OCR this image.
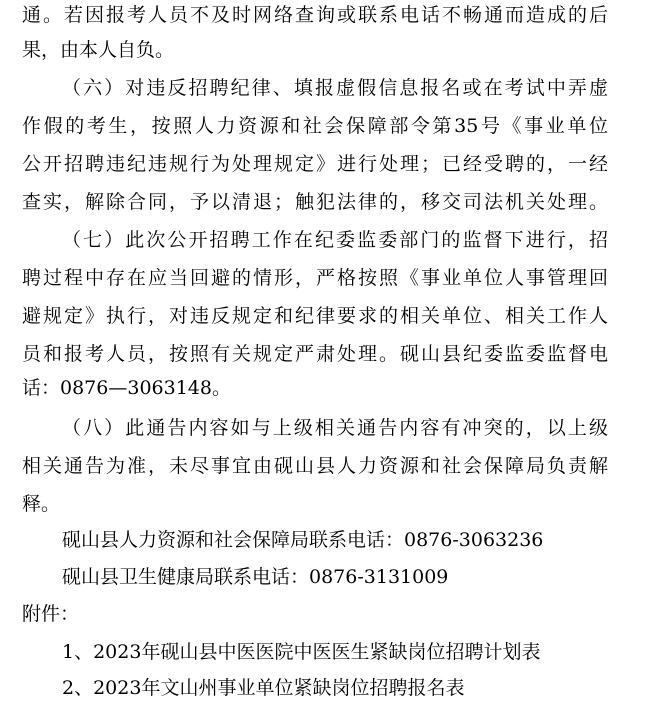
通。若因报考人员不及时网络查询或联系电话不畅通而造成的后
果，由本人自负。
（六）对违反招聘纪律、填报虚假信息报名或在考试中弄虚
作假的考生，按照人力资源和社会保障部令第35号《事业单位
公开招聘违纪违规行为处理规定》进行处理；已经受聘的，一经
查实，解除合同，予以清退；触犯法律的，移交司法机关处理。
（七）此次公开招聘工作在纪委监委部门的监督下进行，招
聘过程中存在应当回避的情形，严格按照《事业单位人事管理回
避规定》执行，对违反规定和纪律要求的相关单位、相关工作人
员和报考人员，按照有关规定严肃处理。砚山县纪委监委监督电
话：0876—3063148。
（八）此通告内容如与上级相关通告内容有冲突的，以上级
相关通告为准，未尽事宜由砚山县人力资源和社会保障局负责解
释。
砚山县人力资源和社会保障局联系电话：0876-3063236
砚山县卫生健康局联系电话：0876-3131009
附件：
1、2023年砚山县中医医院中医医生紧缺岗位招聘计划表
2、2023年文山州事业单位紧缺岗位招聘报名表
